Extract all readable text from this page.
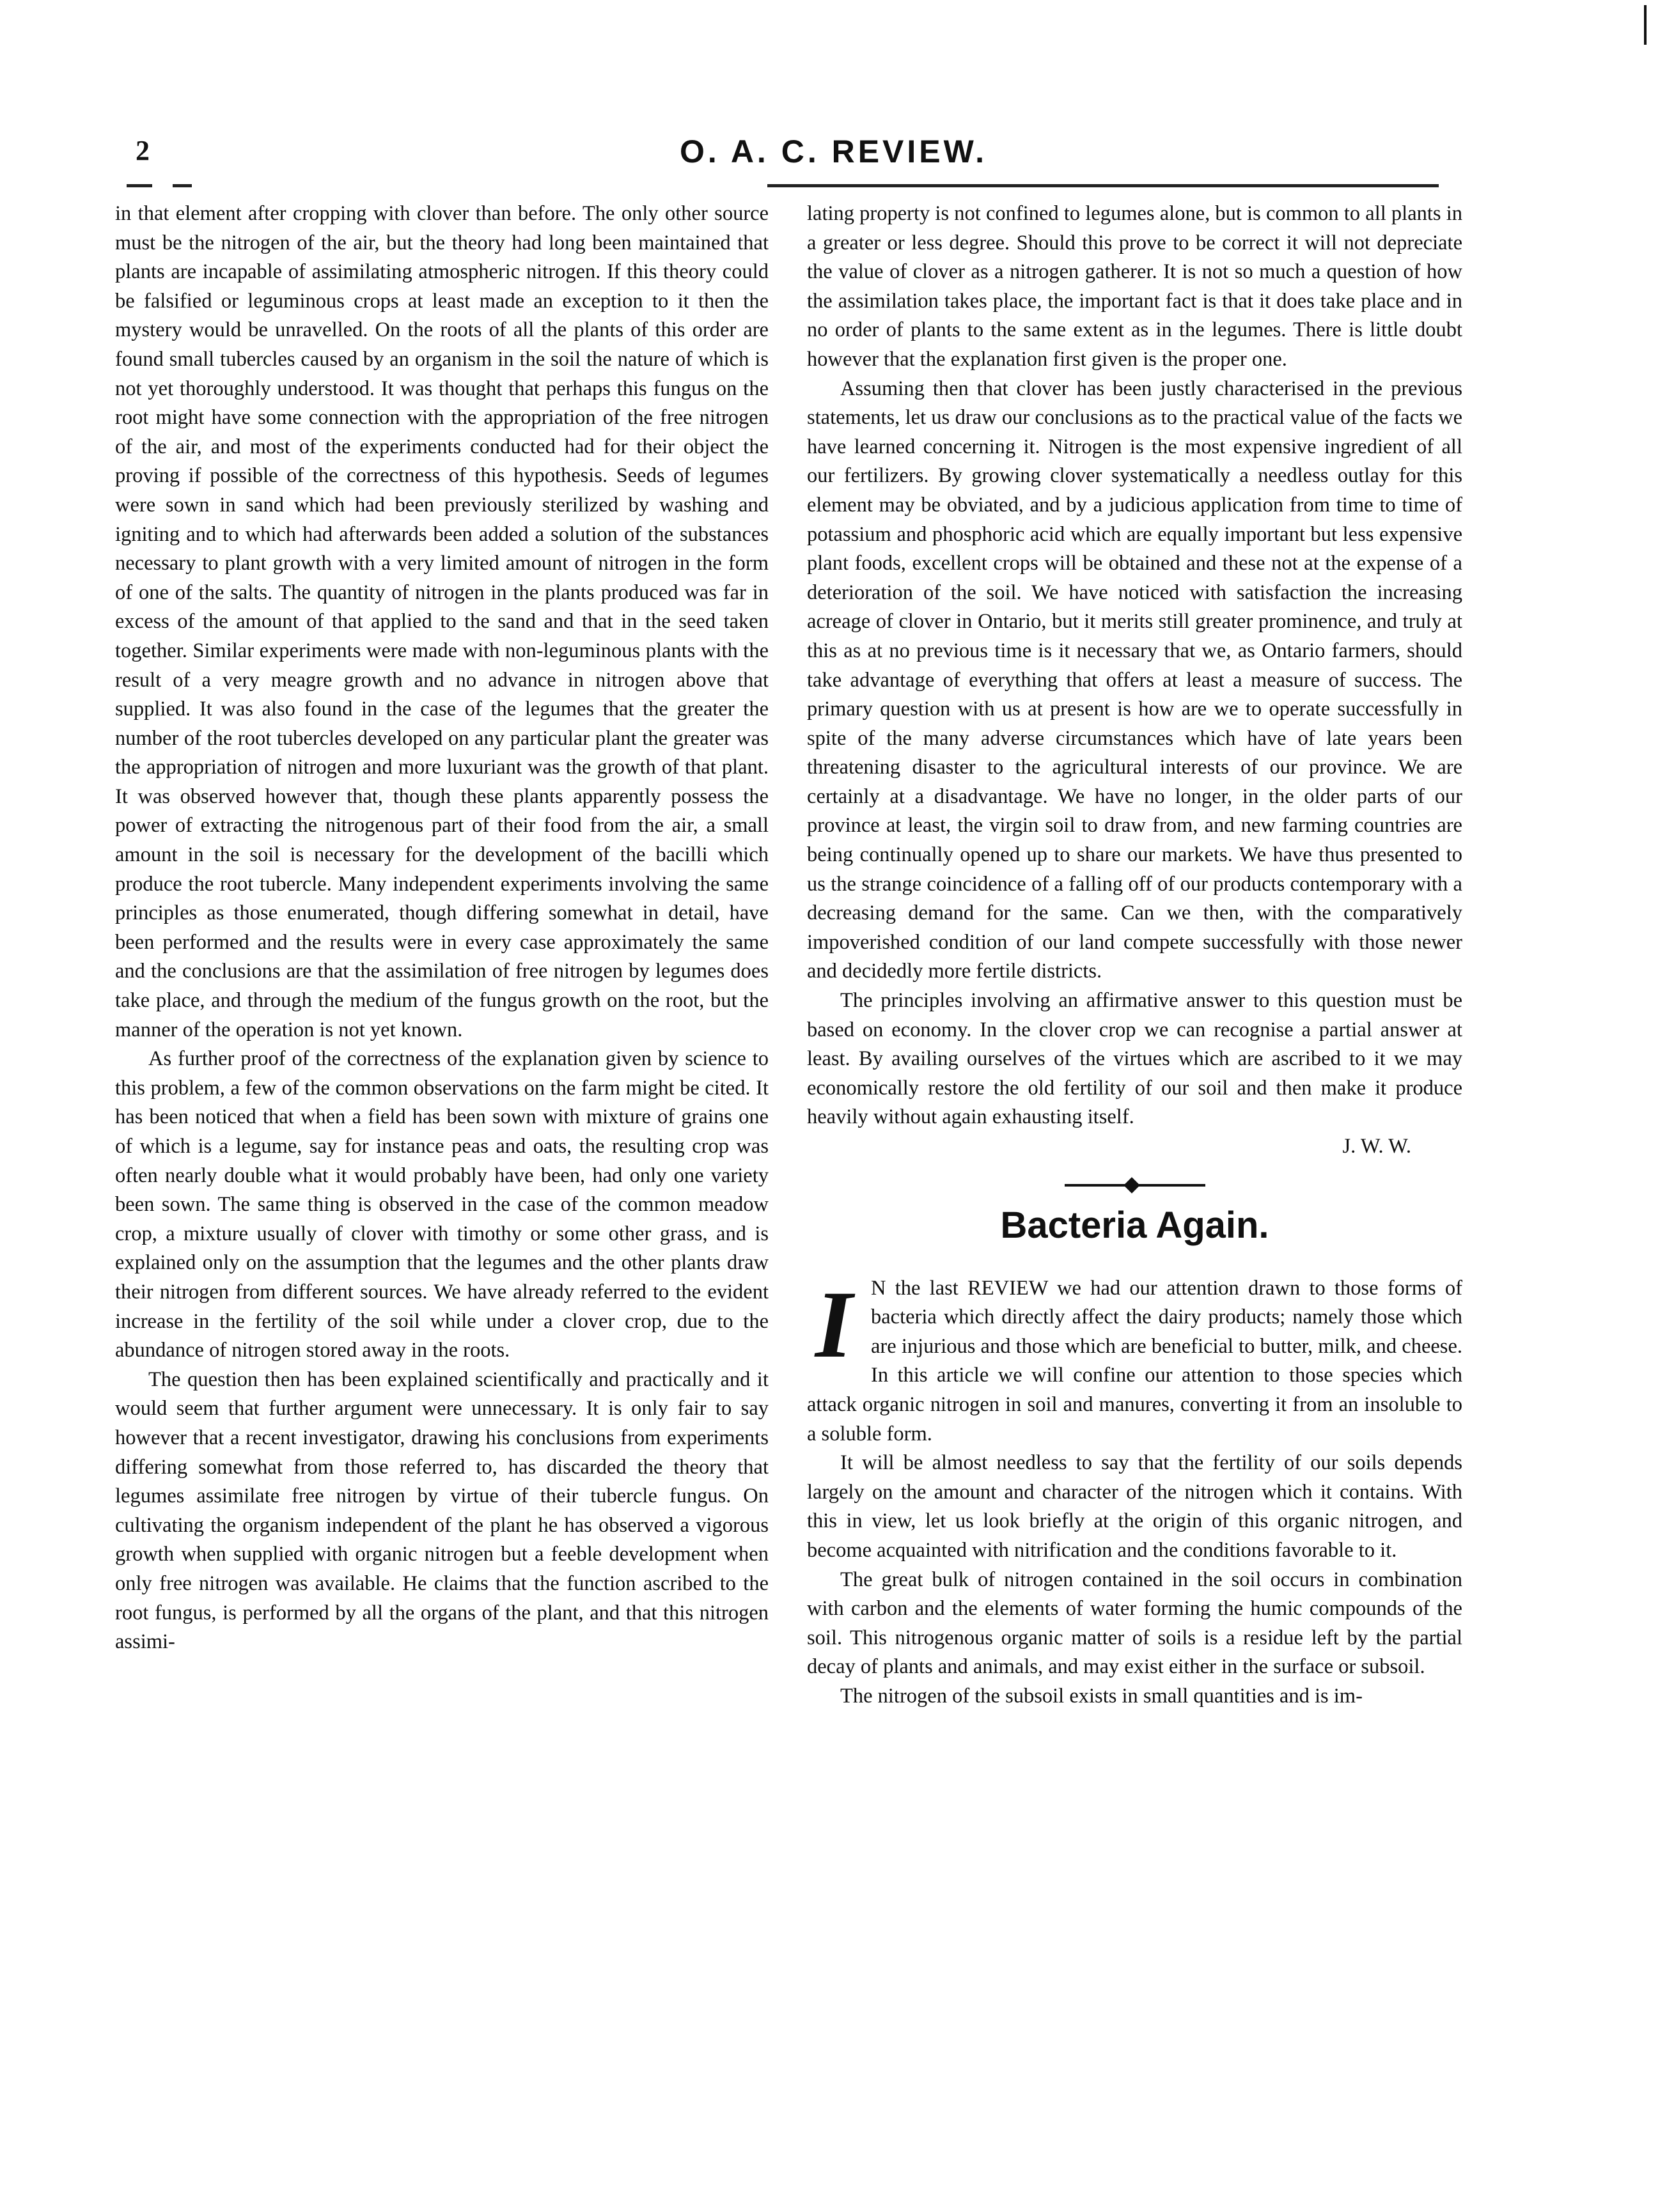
2	O. A. C. REVIEW.

in that element after cropping with clover than before. The only other source must be the nitrogen of the air, but the theory had long been maintained that plants are incapable of assimilating atmospheric nitrogen. If this theory could be falsified or leguminous crops at least made an exception to it then the mystery would be unravelled. On the roots of all the plants of this order are found small tubercles caused by an organism in the soil the nature of which is not yet thoroughly understood. It was thought that perhaps this fungus on the root might have some connection with the appropriation of the free nitrogen of the air, and most of the experiments conducted had for their object the proving if possible of the correctness of this hypothesis. Seeds of legumes were sown in sand which had been previously sterilized by washing and igniting and to which had afterwards been added a solution of the substances necessary to plant growth with a very limited amount of nitrogen in the form of one of the salts. The quantity of nitrogen in the plants produced was far in excess of the amount of that applied to the sand and that in the seed taken together. Similar experiments were made with non-leguminous plants with the result of a very meagre growth and no advance in nitrogen above that supplied. It was also found in the case of the legumes that the greater the number of the root tubercles developed on any particular plant the greater was the appropriation of nitrogen and more luxuriant was the growth of that plant. It was observed however that, though these plants apparently possess the power of extracting the nitrogenous part of their food from the air, a small amount in the soil is necessary for the development of the bacilli which produce the root tubercle. Many independent experiments involving the same principles as those enumerated, though differing somewhat in detail, have been performed and the results were in every case approximately the same and the conclusions are that the assimilation of free nitrogen by legumes does take place, and through the medium of the fungus growth on the root, but the manner of the operation is not yet known.

As further proof of the correctness of the explanation given by science to this problem, a few of the common observations on the farm might be cited. It has been noticed that when a field has been sown with mixture of grains one of which is a legume, say for instance peas and oats, the resulting crop was often nearly double what it would probably have been, had only one variety been sown. The same thing is observed in the case of the common meadow crop, a mixture usually of clover with timothy or some other grass, and is explained only on the assumption that the legumes and the other plants draw their nitrogen from different sources. We have already referred to the evident increase in the fertility of the soil while under a clover crop, due to the abundance of nitrogen stored away in the roots.

The question then has been explained scientifically and practically and it would seem that further argument were unnecessary. It is only fair to say however that a recent investigator, drawing his conclusions from experiments differing somewhat from those referred to, has discarded the theory that legumes assimilate free nitrogen by virtue of their tubercle fungus. On cultivating the organism independent of the plant he has observed a vigorous growth when supplied with organic nitrogen but a feeble development when only free nitrogen was available. He claims that the function ascribed to the root fungus, is performed by all the organs of the plant, and that this nitrogen assimi-

lating property is not confined to legumes alone, but is common to all plants in a greater or less degree. Should this prove to be correct it will not depreciate the value of clover as a nitrogen gatherer. It is not so much a question of how the assimilation takes place, the important fact is that it does take place and in no order of plants to the same extent as in the legumes. There is little doubt however that the explanation first given is the proper one.

Assuming then that clover has been justly characterised in the previous statements, let us draw our conclusions as to the practical value of the facts we have learned concerning it. Nitrogen is the most expensive ingredient of all our fertilizers. By growing clover systematically a needless outlay for this element may be obviated, and by a judicious application from time to time of potassium and phosphoric acid which are equally important but less expensive plant foods, excellent crops will be obtained and these not at the expense of a deterioration of the soil. We have noticed with satisfaction the increasing acreage of clover in Ontario, but it merits still greater prominence, and truly at this as at no previous time is it necessary that we, as Ontario farmers, should take advantage of everything that offers at least a measure of success. The primary question with us at present is how are we to operate successfully in spite of the many adverse circumstances which have of late years been threatening disaster to the agricultural interests of our province. We are certainly at a disadvantage. We have no longer, in the older parts of our province at least, the virgin soil to draw from, and new farming countries are being continually opened up to share our markets. We have thus presented to us the strange coincidence of a falling off of our products contemporary with a decreasing demand for the same. Can we then, with the comparatively impoverished condition of our land compete successfully with those newer and decidedly more fertile districts.

The principles involving an affirmative answer to this question must be based on economy. In the clover crop we can recognise a partial answer at least. By availing ourselves of the virtues which are ascribed to it we may economically restore the old fertility of our soil and then make it produce heavily without again exhausting itself.

J. W. W.

Bacteria Again.

I N the last REVIEW we had our attention drawn to those forms of bacteria which directly affect the dairy products; namely those which are injurious and those which are beneficial to butter, milk, and cheese. In this article we will confine our attention to those species which attack organic nitrogen in soil and manures, converting it from an insoluble to a soluble form.

It will be almost needless to say that the fertility of our soils depends largely on the amount and character of the nitrogen which it contains. With this in view, let us look briefly at the origin of this organic nitrogen, and become acquainted with nitrification and the conditions favorable to it.

The great bulk of nitrogen contained in the soil occurs in combination with carbon and the elements of water forming the humic compounds of the soil. This nitrogenous organic matter of soils is a residue left by the partial decay of plants and animals, and may exist either in the surface or subsoil.

The nitrogen of the subsoil exists in small quantities and is im-
